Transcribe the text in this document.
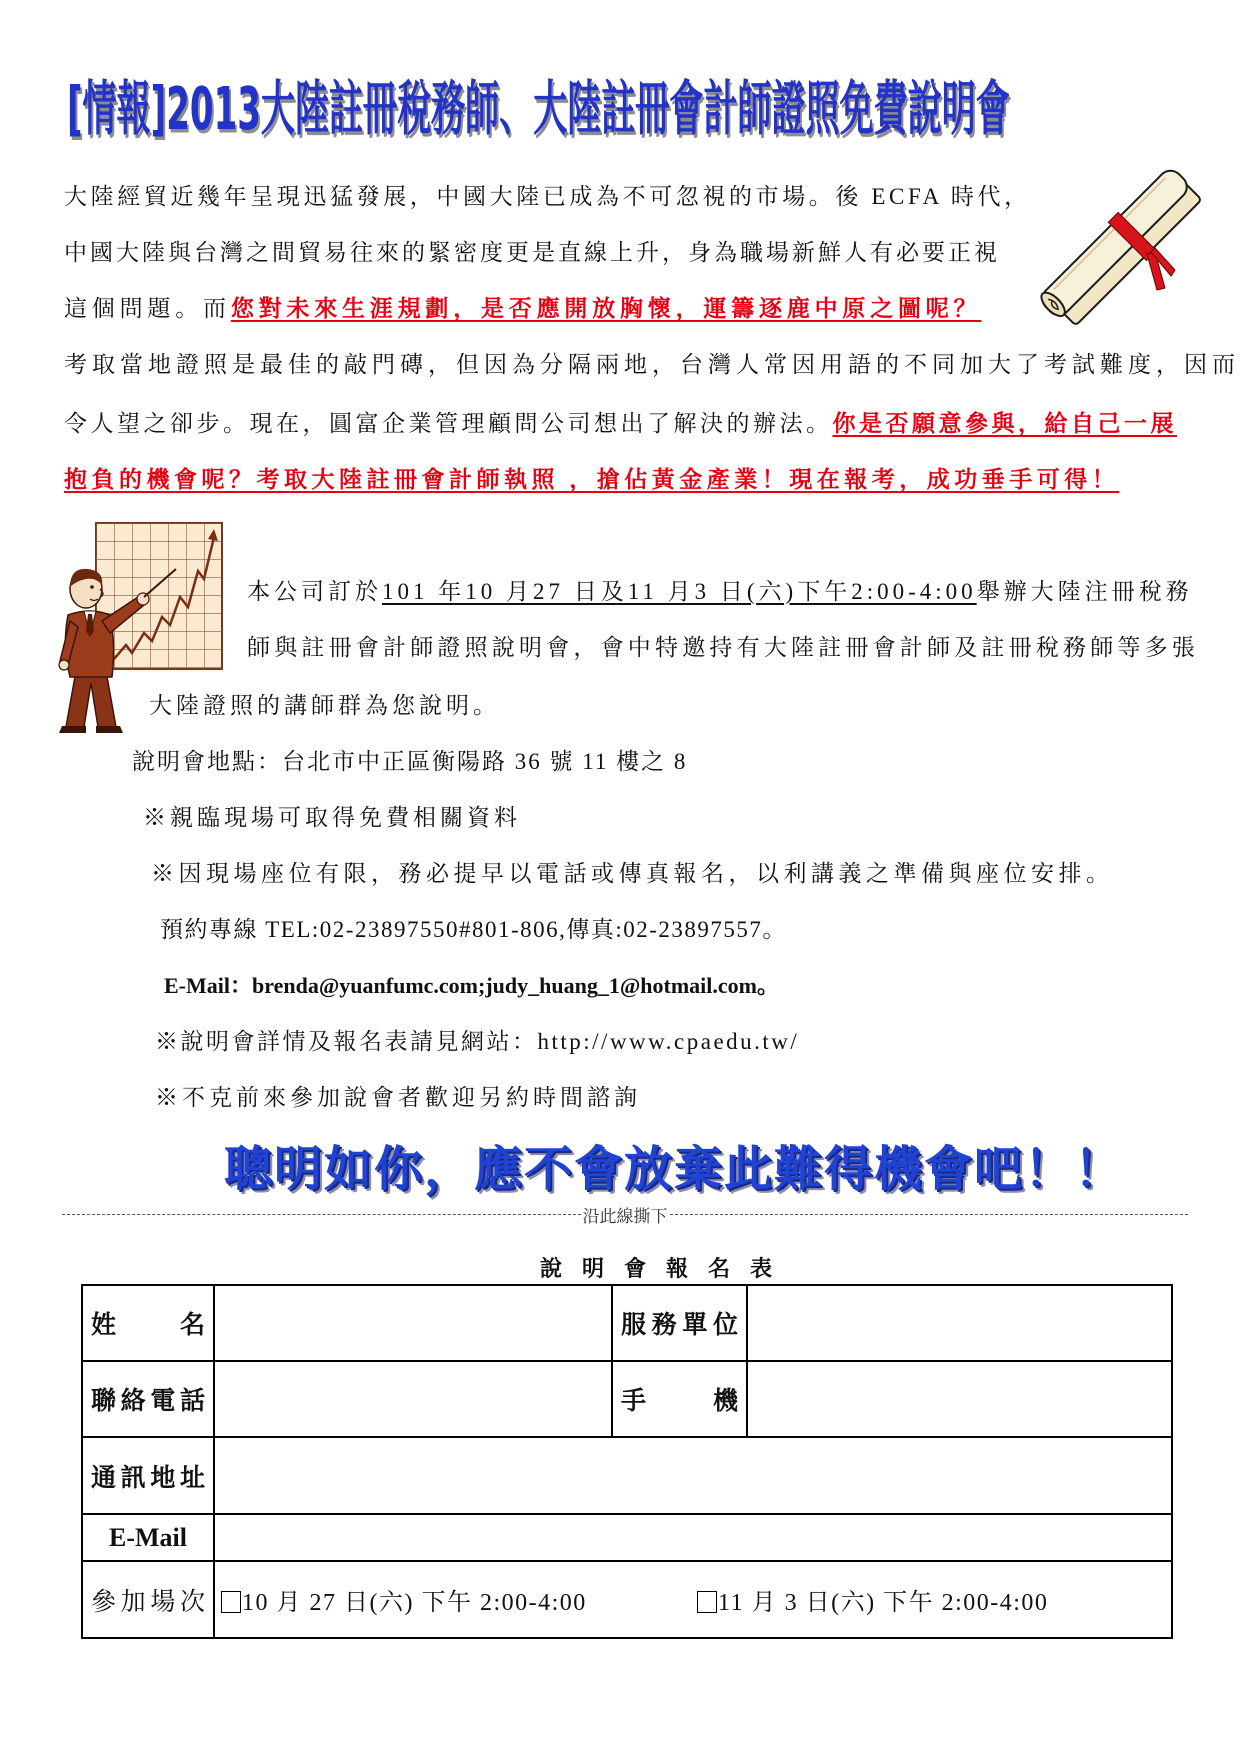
[情報]2013大陸註冊稅務師、大陸註冊會計師證照免費說明會
大陸經貿近幾年呈現迅猛發展，中國大陸已成為不可忽視的市場。後 ECFA 時代，
中國大陸與台灣之間貿易往來的緊密度更是直線上升，身為職場新鮮人有必要正視
這個問題。而您對未來生涯規劃，是否應開放胸懷，運籌逐鹿中原之圖呢？
考取當地證照是最佳的敲門磚，但因為分隔兩地，台灣人常因用語的不同加大了考試難度，因而
令人望之卻步。現在，圓富企業管理顧問公司想出了解決的辦法。你是否願意參與，給自己一展
抱負的機會呢？考取大陸註冊會計師執照 ，搶佔黃金產業！現在報考，成功垂手可得！
本公司訂於101 年10 月27 日及11 月3 日(六)下午2:00-4:00舉辦大陸注冊稅務
師與註冊會計師證照說明會，會中特邀持有大陸註冊會計師及註冊稅務師等多張
大陸證照的講師群為您說明。
說明會地點：台北市中正區衡陽路 36 號 11 樓之 8
※親臨現場可取得免費相關資料
※因現場座位有限，務必提早以電話或傳真報名，以利講義之準備與座位安排。
預約專線 TEL:02-23897550#801-806,傳真:02-23897557。
E-Mail：brenda@yuanfumc.com;judy_huang_1@hotmail.com。
※說明會詳情及報名表請見網站：http://www.cpaedu.tw/
※不克前來參加說會者歡迎另約時間諮詢
聰明如你，應不會放棄此難得機會吧！！
沿此線撕下
說明會報名表
姓名		服務單位	
聯絡電話		手機	
通訊地址			
E-Mail			
參加場次	10 月 27 日(六) 下午 2:00-4:00 11 月 3 日(六) 下午 2:00-4:00		
